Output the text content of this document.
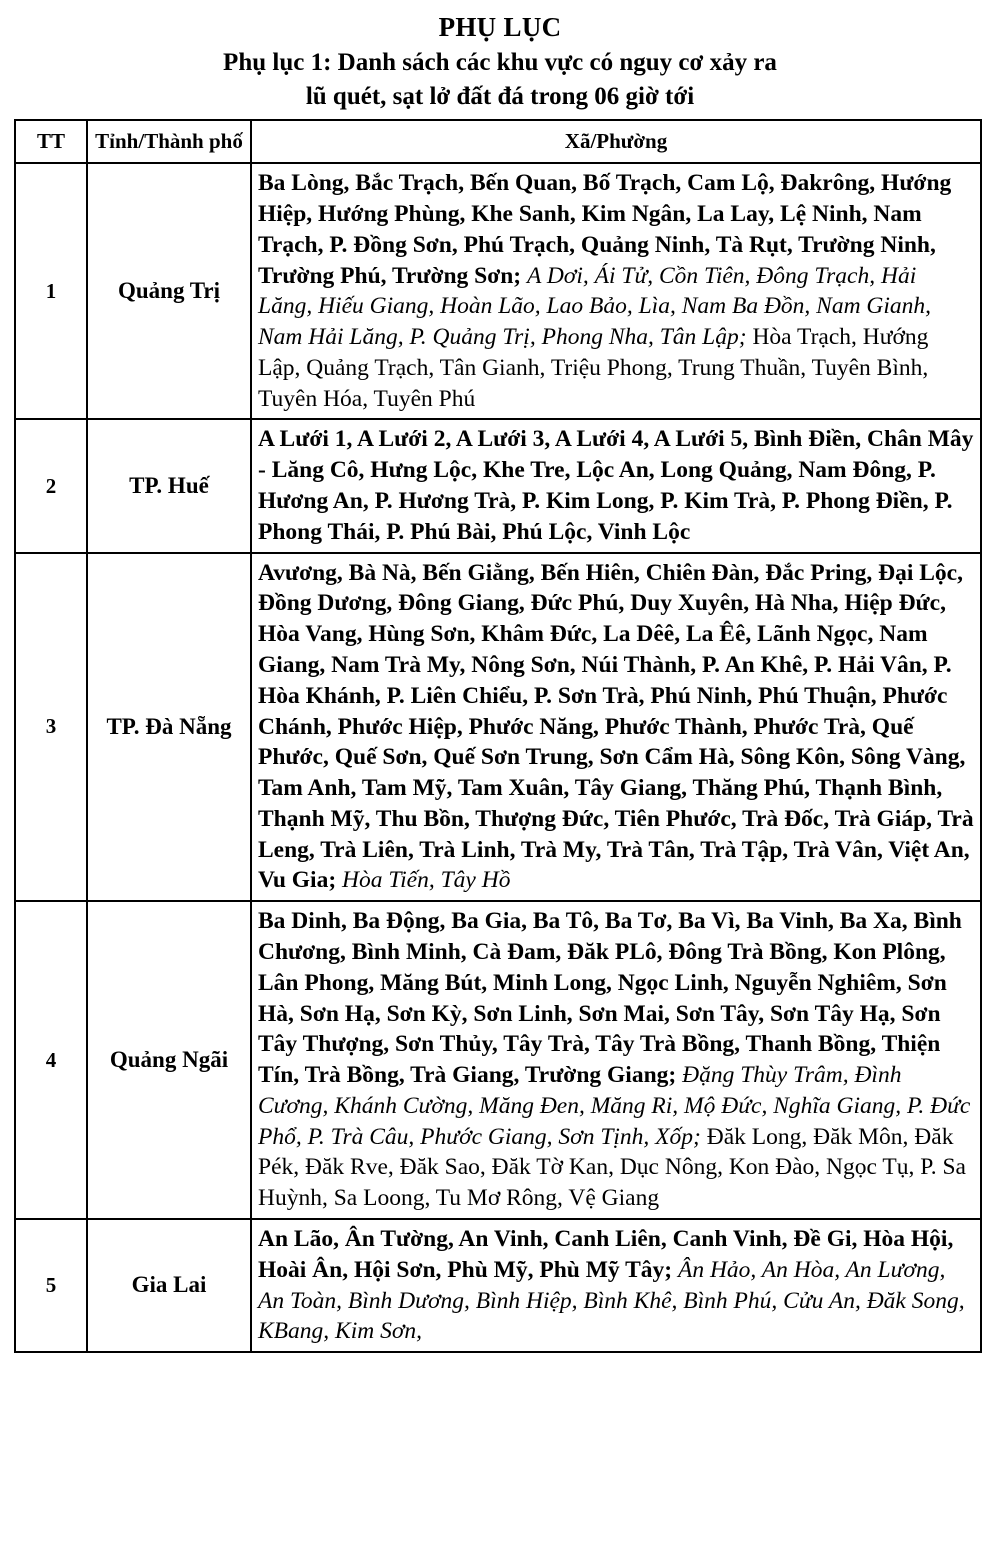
PHỤ LỤC
Phụ lục 1: Danh sách các khu vực có nguy cơ xảy ra
lũ quét, sạt lở đất đá trong 06 giờ tới
TT	Tỉnh/Thành phố	Xã/Phường
1	Quảng Trị	Ba Lòng, Bắc Trạch, Bến Quan, Bố Trạch, Cam Lộ, Đakrông, Hướng Hiệp, Hướng Phùng, Khe Sanh, Kim Ngân, La Lay, Lệ Ninh, Nam Trạch, P. Đồng Sơn, Phú Trạch, Quảng Ninh, Tà Rụt, Trường Ninh, Trường Phú, Trường Sơn; A Dơi, Ái Tử, Cồn Tiên, Đông Trạch, Hải Lăng, Hiếu Giang, Hoàn Lão, Lao Bảo, Lìa, Nam Ba Đồn, Nam Gianh, Nam Hải Lăng, P. Quảng Trị, Phong Nha, Tân Lập; Hòa Trạch, Hướng Lập, Quảng Trạch, Tân Gianh, Triệu Phong, Trung Thuần, Tuyên Bình, Tuyên Hóa, Tuyên Phú
2	TP. Huế	A Lưới 1, A Lưới 2, A Lưới 3, A Lưới 4, A Lưới 5, Bình Điền, Chân Mây - Lăng Cô, Hưng Lộc, Khe Tre, Lộc An, Long Quảng, Nam Đông, P. Hương An, P. Hương Trà, P. Kim Long, P. Kim Trà, P. Phong Điền, P. Phong Thái, P. Phú Bài, Phú Lộc, Vinh Lộc
3	TP. Đà Nẵng	Avương, Bà Nà, Bến Giằng, Bến Hiên, Chiên Đàn, Đắc Pring, Đại Lộc, Đồng Dương, Đông Giang, Đức Phú, Duy Xuyên, Hà Nha, Hiệp Đức, Hòa Vang, Hùng Sơn, Khâm Đức, La Dêê, La Êê, Lãnh Ngọc, Nam Giang, Nam Trà My, Nông Sơn, Núi Thành, P. An Khê, P. Hải Vân, P. Hòa Khánh, P. Liên Chiểu, P. Sơn Trà, Phú Ninh, Phú Thuận, Phước Chánh, Phước Hiệp, Phước Năng, Phước Thành, Phước Trà, Quế Phước, Quế Sơn, Quế Sơn Trung, Sơn Cẩm Hà, Sông Kôn, Sông Vàng, Tam Anh, Tam Mỹ, Tam Xuân, Tây Giang, Thăng Phú, Thạnh Bình, Thạnh Mỹ, Thu Bồn, Thượng Đức, Tiên Phước, Trà Đốc, Trà Giáp, Trà Leng, Trà Liên, Trà Linh, Trà My, Trà Tân, Trà Tập, Trà Vân, Việt An, Vu Gia; Hòa Tiến, Tây Hồ
4	Quảng Ngãi	Ba Dinh, Ba Động, Ba Gia, Ba Tô, Ba Tơ, Ba Vì, Ba Vinh, Ba Xa, Bình Chương, Bình Minh, Cà Đam, Đăk PLô, Đông Trà Bồng, Kon Plông, Lân Phong, Măng Bút, Minh Long, Ngọc Linh, Nguyễn Nghiêm, Sơn Hà, Sơn Hạ, Sơn Kỳ, Sơn Linh, Sơn Mai, Sơn Tây, Sơn Tây Hạ, Sơn Tây Thượng, Sơn Thủy, Tây Trà, Tây Trà Bồng, Thanh Bồng, Thiện Tín, Trà Bồng, Trà Giang, Trường Giang; Đặng Thùy Trâm, Đình Cương, Khánh Cường, Măng Đen, Măng Ri, Mộ Đức, Nghĩa Giang, P. Đức Phổ, P. Trà Câu, Phước Giang, Sơn Tịnh, Xốp; Đăk Long, Đăk Môn, Đăk Pék, Đăk Rve, Đăk Sao, Đăk Tờ Kan, Dục Nông, Kon Đào, Ngọc Tụ, P. Sa Huỳnh, Sa Loong, Tu Mơ Rông, Vệ Giang
5	Gia Lai	An Lão, Ân Tường, An Vinh, Canh Liên, Canh Vinh, Đề Gi, Hòa Hội, Hoài Ân, Hội Sơn, Phù Mỹ, Phù Mỹ Tây; Ân Hảo, An Hòa, An Lương, An Toàn, Bình Dương, Bình Hiệp, Bình Khê, Bình Phú, Cửu An, Đăk Song, KBang, Kim Sơn,
